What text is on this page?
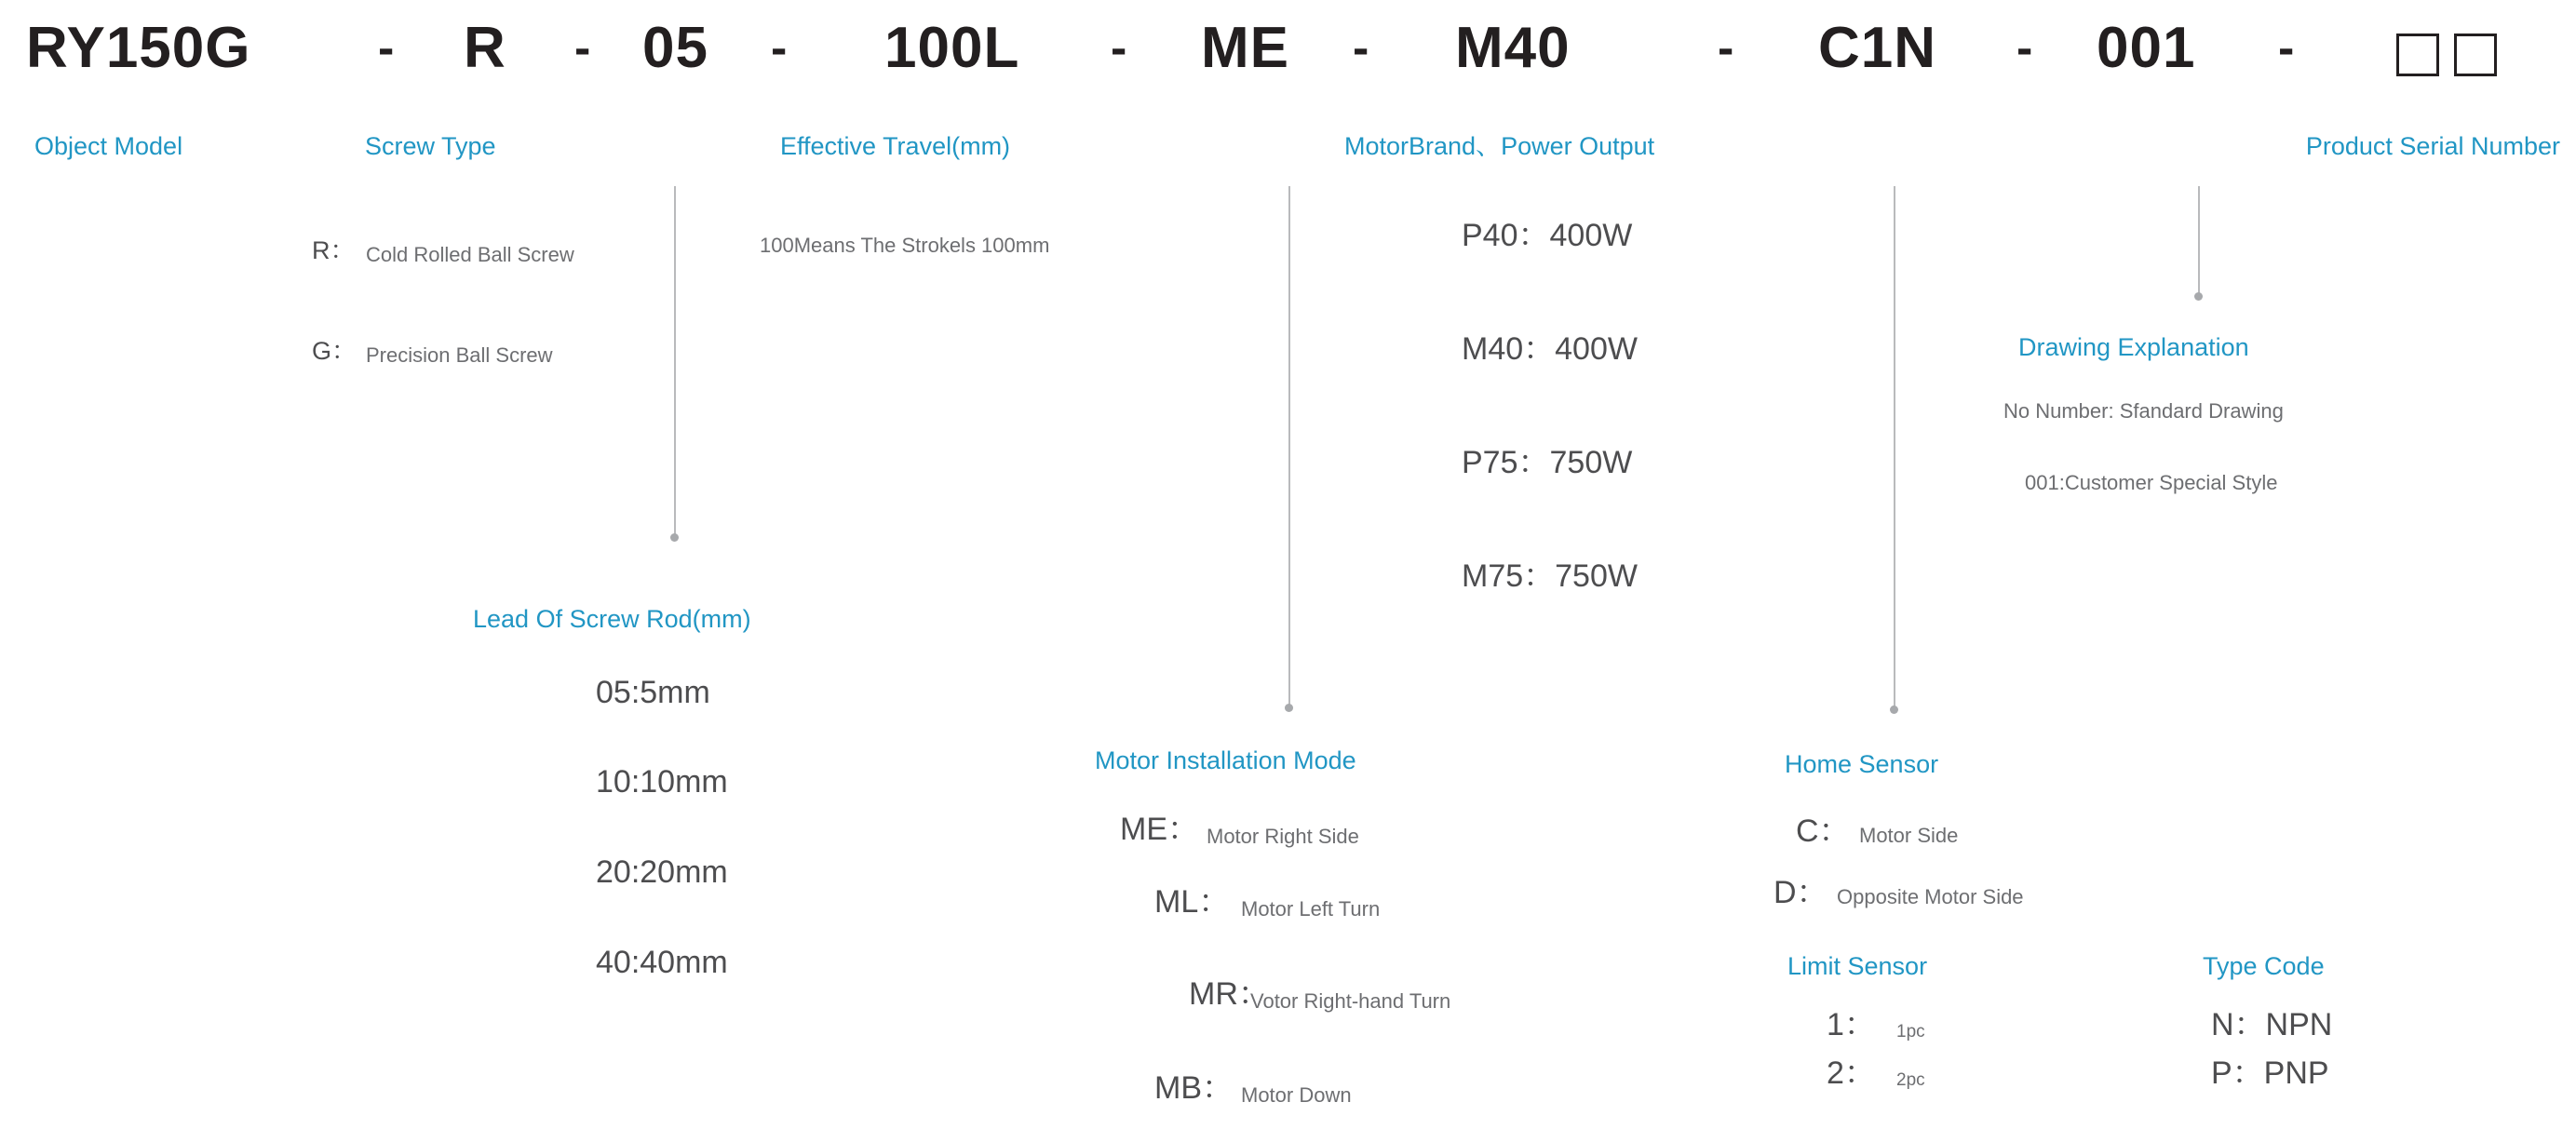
RY150G	- R - 05 - 100L - ME - M40	- C1N - 001 -
Object Model	Screw Type	Effective Travel(mm)	MotorBrand、Power Output	Product Serial Number
R： Cold Rolled Ball Screw
G： Precision Ball Screw
100Means The Strokels 100mm	P40：400W
M40：400W
P75：750W
M75：750W
Drawing Explanation
No Number: Sfandard Drawing
001:Customer Special Style
Lead Of Screw Rod(mm)
05:5mm
10:10mm
20:20mm
40:40mm
Motor Installation Mode
ME： Motor Right Side
ML： Motor Left Turn
MR：
Votor Right-hand Turn
MB： Motor Down
Home Sensor
C： Motor Side
D： Opposite Motor Side
Limit Sensor
1： 1pc
2： 2pc
Type Code
N：NPN
P：PNP
